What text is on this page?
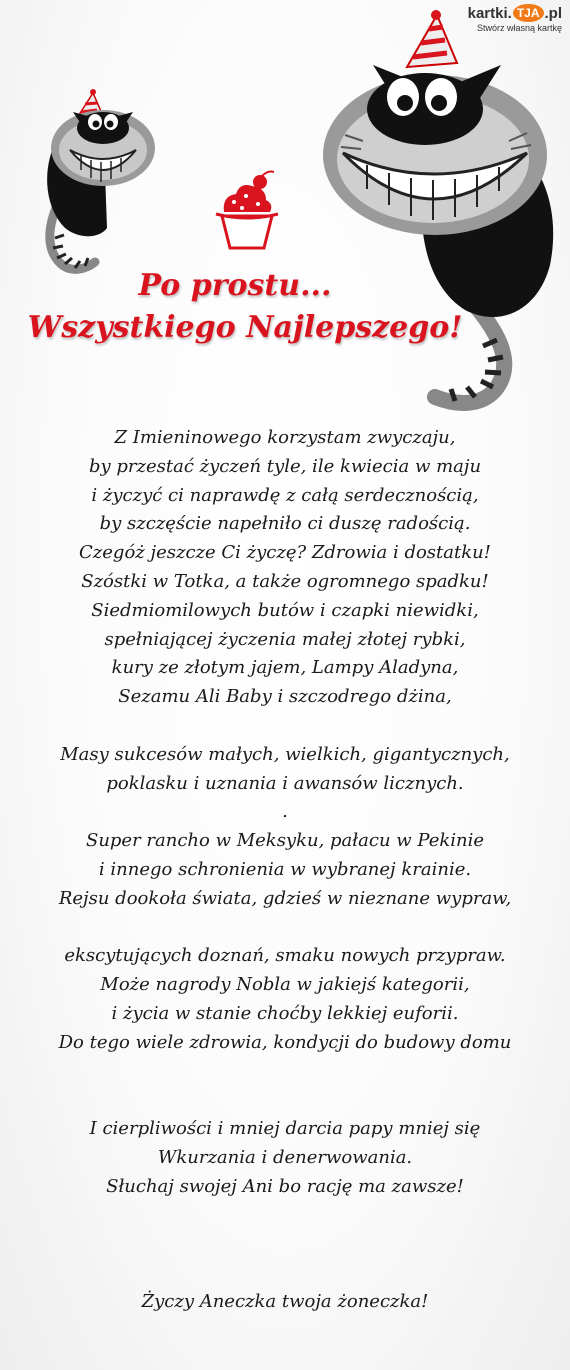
kartki. TJA .pl
Stwórz własną kartkę
Po prostu...
Wszystkiego Najlepszego!
Z Imieninowego korzystam zwyczaju,
by przestać życzeń tyle, ile kwiecia w maju
i życzyć ci naprawdę z całą serdecznością,
by szczęście napełniło ci duszę radością.
Czegóż jeszcze Ci życzę? Zdrowia i dostatku!
Szóstki w Totka, a także ogromnego spadku!
Siedmiomilowych butów i czapki niewidki,
spełniającej życzenia małej złotej rybki,
kury ze złotym jajem, Lampy Aladyna,
Sezamu Ali Baby i szczodrego dżina,
Masy sukcesów małych, wielkich, gigantycznych,
poklasku i uznania i awansów licznych.
.
Super rancho w Meksyku, pałacu w Pekinie
i innego schronienia w wybranej krainie.
Rejsu dookoła świata, gdzieś w nieznane wypraw,
ekscytujących doznań, smaku nowych przypraw.
Może nagrody Nobla w jakiejś kategorii,
i życia w stanie choćby lekkiej euforii.
Do tego wiele zdrowia, kondycji do budowy domu
I cierpliwości i mniej darcia papy mniej się
Wkurzania i denerwowania.
Słuchaj swojej Ani bo rację ma zawsze!
Życzy Aneczka twoja żoneczka!
